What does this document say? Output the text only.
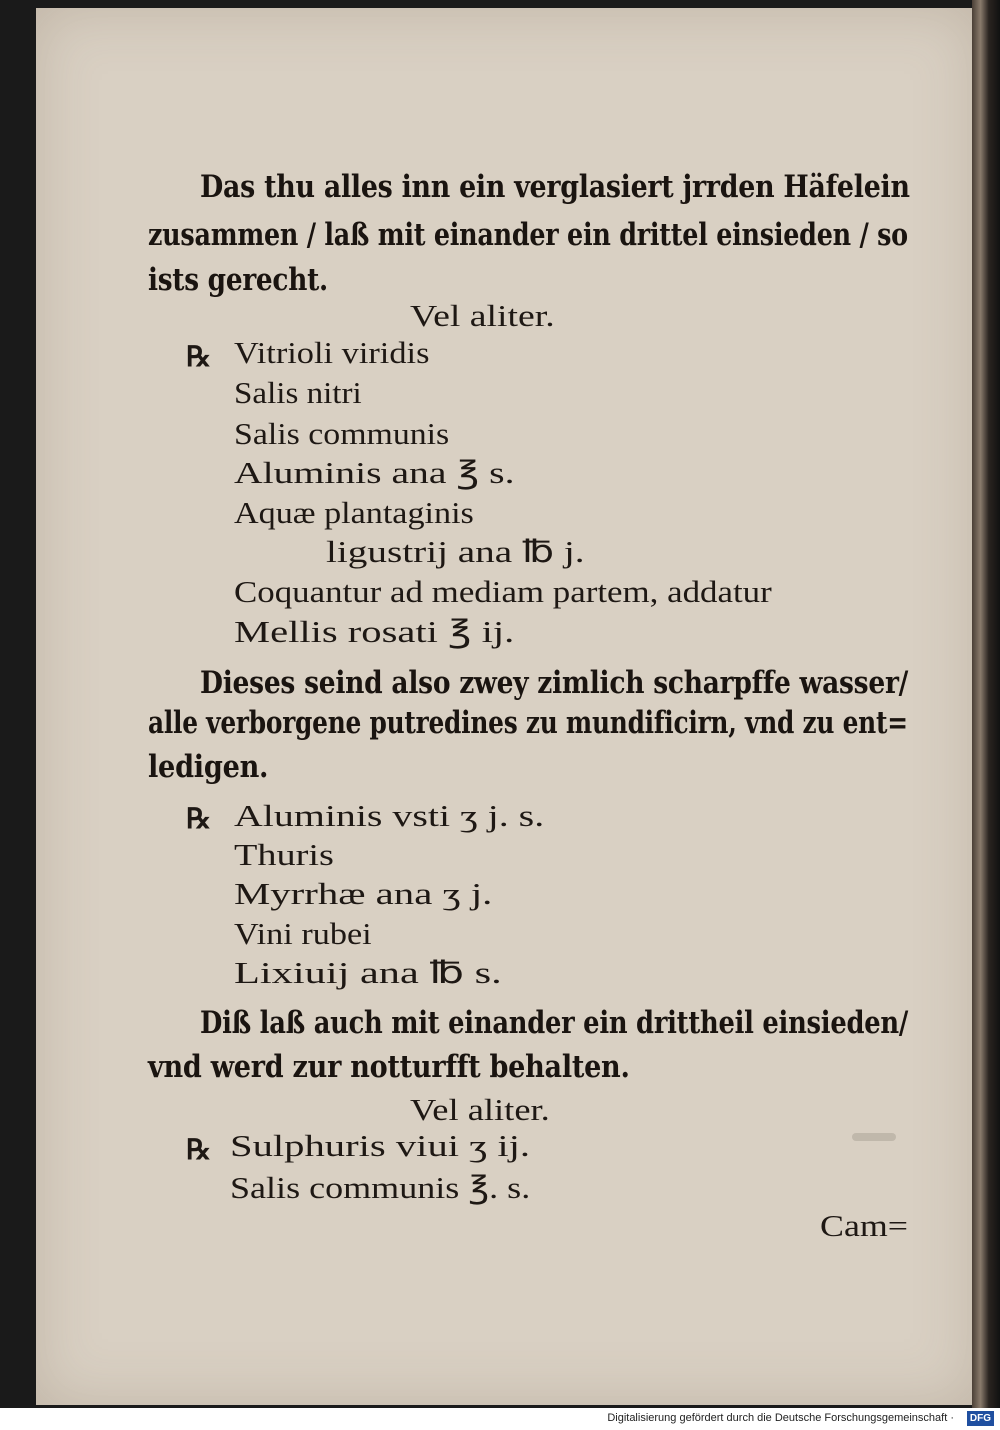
Das thu alles inn ein verglasiert jrrden Häfelein
zusammen / laß mit einander ein drittel einsieden / so
ists gerecht.
Vel aliter.
Vitrioli viridis
Salis nitri
Salis communis
Aluminis ana ℥ s.
Aquæ plantaginis
ligustrij ana ℔ j.
Coquantur ad mediam partem, addatur
Mellis rosati ℥ ij.
Dieses seind also zwey zimlich scharpffe wasser/
alle verborgene putredines zu mundificirn, vnd zu ent=
ledigen.
Aluminis vsti ʒ j. s.
Thuris
Myrrhæ ana ʒ j.
Vini rubei
Lixiuij ana ℔ s.
Diß laß auch mit einander ein drittheil einsieden/
vnd werd zur notturfft behalten.
Vel aliter.
Sulphuris viui ʒ ij.
Salis communis ℥. s.
Cam=
℞
℞
℞
Digitalisierung gefördert durch die Deutsche Forschungsgemeinschaft ·	DFG
